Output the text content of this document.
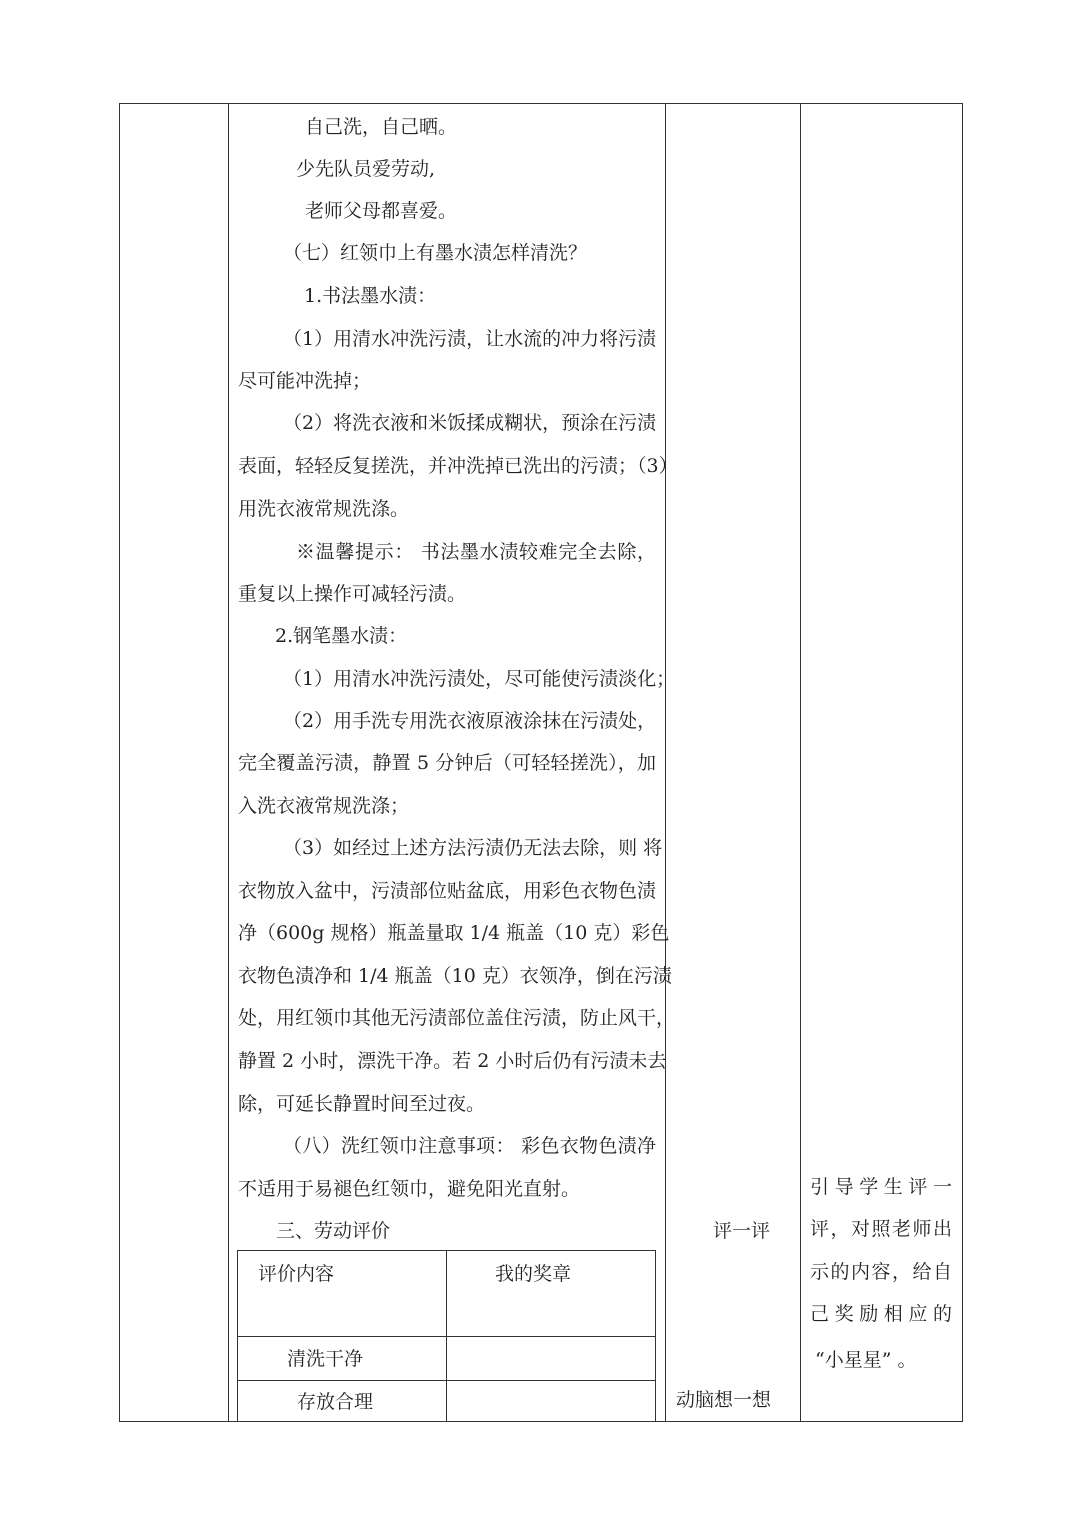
自己洗，自己晒。
少先队员爱劳动,
老师父母都喜爱。
（七）红领巾上有墨水渍怎样清洗？
1.书法墨水渍：
（1）用清水冲洗污渍，让水流的冲力将污渍
尽可能冲洗掉；
（2）将洗衣液和米饭揉成糊状，预涂在污渍
表面，轻轻反复搓洗，并冲洗掉已洗出的污渍；（3）
用洗衣液常规洗涤。
※温馨提示： 书法墨水渍较难完全去除，
重复以上操作可减轻污渍。
2.钢笔墨水渍：
（1）用清水冲洗污渍处，尽可能使污渍淡化；
（2）用手洗专用洗衣液原液涂抹在污渍处，
完全覆盖污渍，静置 5 分钟后（可轻轻搓洗），加
入洗衣液常规洗涤；
（3）如经过上述方法污渍仍无法去除，则 将
衣物放入盆中，污渍部位贴盆底，用彩色衣物色渍
净（600g 规格）瓶盖量取 1/4 瓶盖（10 克）彩色
衣物色渍净和 1/4 瓶盖（10 克）衣领净，倒在污渍
处，用红领巾其他无污渍部位盖住污渍，防止风干，
静置 2 小时，漂洗干净。若 2 小时后仍有污渍未去
除，可延长静置时间至过夜。
（八）洗红领巾注意事项： 彩色衣物色渍净
不适用于易褪色红领巾，避免阳光直射。
三、劳动评价
评价内容	我的奖章
清洗干净
存放合理
评一评
动脑想一想
引导学生评一
评，对照老师出
示的内容，给自
己奖励相应的
“小星星” 。
